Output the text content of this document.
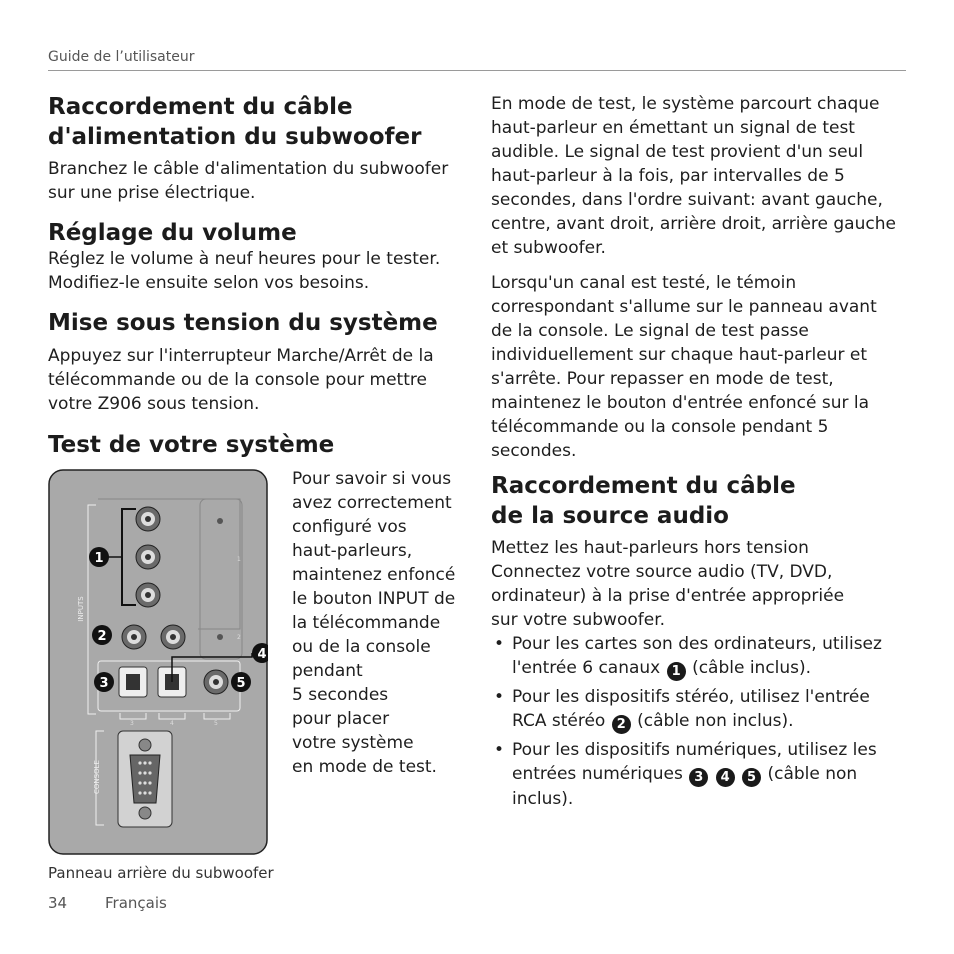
Guide de l’utilisateur
Raccordement du câble d'alimentation du subwoofer

Branchez le câble d'alimentation du subwoofer sur une prise électrique.

Réglage du volume

Réglez le volume à neuf heures pour le tester. Modifiez-le ensuite selon vos besoins.

Mise sous tension du système

Appuyez sur l'interrupteur Marche/Arrêt de la télécommande ou de la console pour mettre votre Z906 sous tension.

Test de votre système

Pour savoir si vous

avez correctement

configuré vos

haut-parleurs,

maintenez enfoncé

le bouton INPUT de

la télécommande

ou de la console

pendant

5 secondes

pour placer

votre système

en mode de test.

INPUTS
1
2
3	4	5
CONSOLE
1
2
3
4
5
Panneau arrière du subwoofer

En mode de test, le système parcourt chaque haut-parleur en émettant un signal de test audible. Le signal de test provient d'un seul haut-parleur à la fois, par intervalles de 5 secondes, dans l'ordre suivant: avant gauche, centre, avant droit, arrière droit, arrière gauche et subwoofer.

Lorsqu'un canal est testé, le témoin correspondant s'allume sur le panneau avant de la console. Le signal de test passe individuellement sur chaque haut-parleur et s'arrête. Pour repasser en mode de test, maintenez le bouton d'entrée enfoncé sur la télécommande ou la console pendant 5 secondes.

Raccordement du câble de la source audio

Mettez les haut-parleurs hors tension Connectez votre source audio (TV, DVD, ordinateur) à la prise d'entrée appropriée sur votre subwoofer.

• Pour les cartes son des ordinateurs, utilisez l'entrée 6 canaux 1 (câble inclus).
• Pour les dispositifs stéréo, utilisez l'entrée RCA stéréo 2 (câble non inclus).
• Pour les dispositifs numériques, utilisez les entrées numériques 3 4 5 (câble non inclus).
34	Français
